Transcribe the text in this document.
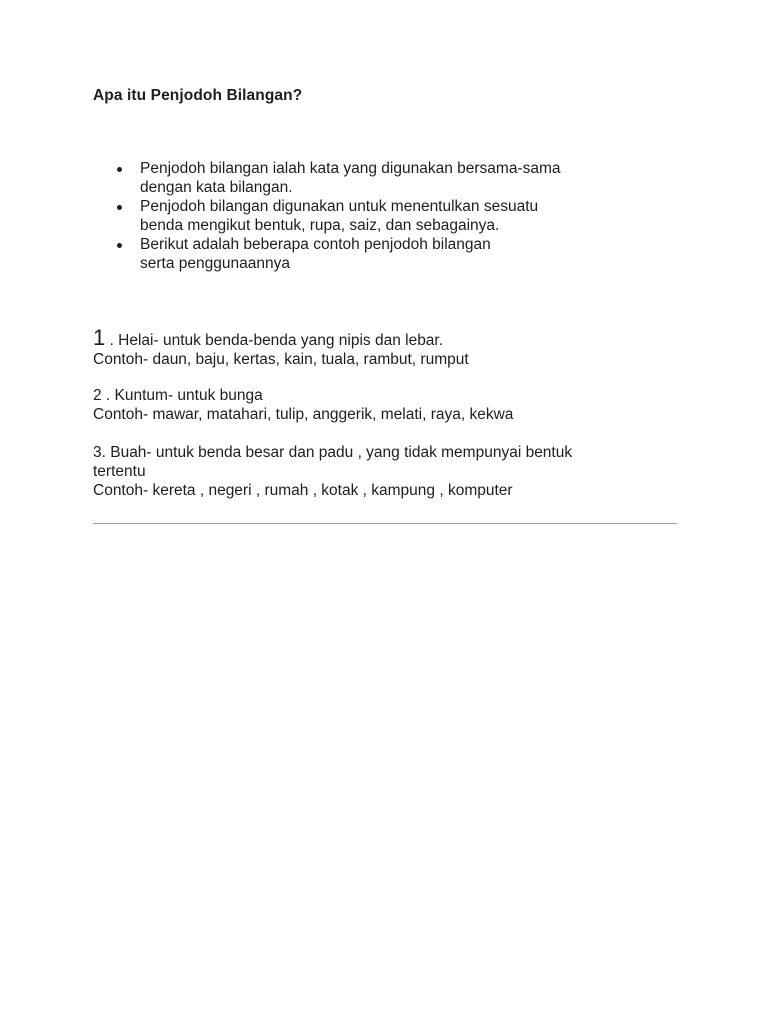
Apa itu Penjodoh Bilangan?
Penjodoh bilangan ialah kata yang digunakan bersama-sama
dengan kata bilangan.
Penjodoh bilangan digunakan untuk menentulkan sesuatu
benda mengikut bentuk, rupa, saiz, dan sebagainya.
Berikut adalah beberapa contoh penjodoh bilangan
serta penggunaannya
1 . Helai- untuk benda-benda yang nipis dan lebar.
Contoh- daun, baju, kertas, kain, tuala, rambut, rumput
2 . Kuntum- untuk bunga
Contoh- mawar, matahari, tulip, anggerik, melati, raya, kekwa
3. Buah- untuk benda besar dan padu , yang tidak mempunyai bentuk
tertentu
Contoh- kereta , negeri , rumah , kotak , kampung , komputer
